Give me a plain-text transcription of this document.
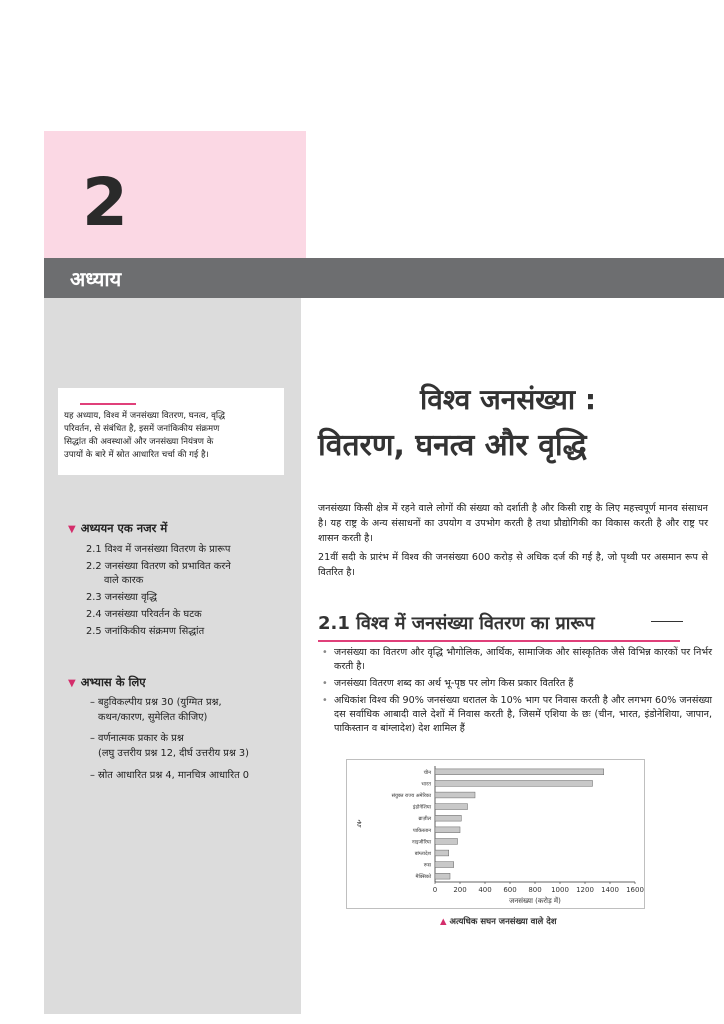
2
अध्याय
यह अध्याय, विश्व में जनसंख्या वितरण, घनत्व, वृद्धि
परिवर्तन, से संबंधित है, इसमें जनांकिकीय संक्रमण
सिद्धांत की अवस्थाओं और जनसंख्या नियंत्रण के
उपायों के बारे में स्रोत आधारित चर्चा की गई है।
▼ अध्ययन एक नजर में
2.1 विश्व में जनसंख्या वितरण के प्रारूप
2.2 जनसंख्या वितरण को प्रभावित करने
वाले कारक
2.3 जनसंख्या वृद्धि
2.4 जनसंख्या परिवर्तन के घटक
2.5 जनांकिकीय संक्रमण सिद्धांत
▼ अभ्यास के लिए
– बहुविकल्पीय प्रश्न 30 (युग्मित प्रश्न,
कथन/कारण, सुमेलित कीजिए)
– वर्णनात्मक प्रकार के प्रश्न
(लघु उत्तरीय प्रश्न 12, दीर्घ उत्तरीय प्रश्न 3)
– स्रोत आधारित प्रश्न 4, मानचित्र आधारित 0
विश्व जनसंख्या :
वितरण, घनत्व और वृद्धि
जनसंख्या किसी क्षेत्र में रहने वाले लोगों की संख्या को दर्शाती है और किसी राष्ट्र के लिए महत्त्वपूर्ण मानव संसाधन है। यह राष्ट्र के अन्य संसाधनों का उपयोग व उपभोग करती है तथा प्रौद्योगिकी का विकास करती है और राष्ट्र पर शासन करती है।
21वीं सदी के प्रारंभ में विश्व की जनसंख्या 600 करोड़ से अधिक दर्ज की गई है, जो पृथ्वी पर असमान रूप से वितरित है।
2.1 विश्व में जनसंख्या वितरण का प्रारूप
• जनसंख्या का वितरण और वृद्धि भौगोलिक, आर्थिक, सामाजिक और सांस्कृतिक जैसे विभिन्न कारकों पर निर्भर करती है।
• जनसंख्या वितरण शब्द का अर्थ भू-पृष्ठ पर लोग किस प्रकार वितरित हैं
• अधिकांश विश्व की 90% जनसंख्या धरातल के 10% भाग पर निवास करती है और लगभग 60% जनसंख्या दस सर्वाधिक आबादी वाले देशों में निवास करती है, जिसमें एशिया के छः (चीन, भारत, इंडोनेशिया, जापान, पाकिस्तान व बांग्लादेश) देश शामिल हैं
चीन
भारत
संयुक्त राज्य अमेरिका
इंडोनेशिया
ब्राज़ील
पाकिस्तान
नाइजीरिया
बांग्लादेश
रूस
मैक्सिको
दे
0 200 400 600 800 1000 1200 1400 1600
जनसंख्या (करोड़ में)
▲ अत्यधिक सघन जनसंख्या वाले देश
